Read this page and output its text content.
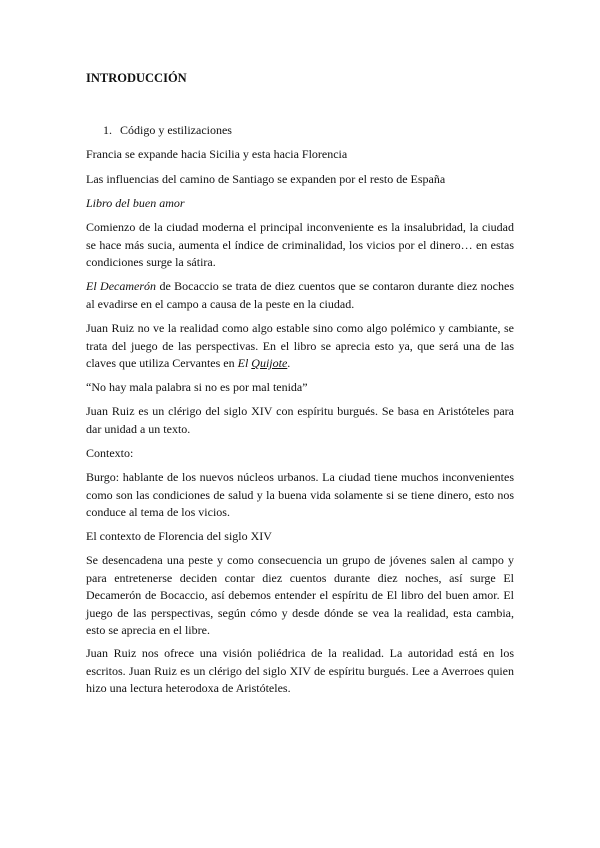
INTRODUCCIÓN
1. Código y estilizaciones
Francia se expande hacia Sicilia y esta hacia Florencia
Las influencias del camino de Santiago se expanden por el resto de España
Libro del buen amor
Comienzo de la ciudad moderna el principal inconveniente es la insalubridad, la ciudad se hace más sucia, aumenta el índice de criminalidad, los vicios por el dinero… en estas condiciones surge la sátira.
El Decamerón de Bocaccio se trata de diez cuentos que se contaron durante diez noches al evadirse en el campo a causa de la peste en la ciudad.
Juan Ruiz no ve la realidad como algo estable sino como algo polémico y cambiante, se trata del juego de las perspectivas. En el libro se aprecia esto ya, que será una de las claves que utiliza Cervantes en El Quijote.
“No hay mala palabra si no es por mal tenida”
Juan Ruiz es un clérigo del siglo XIV con espíritu burgués. Se basa en Aristóteles para dar unidad a un texto.
Contexto:
Burgo: hablante de los nuevos núcleos urbanos. La ciudad tiene muchos inconvenientes como son las condiciones de salud y la buena vida solamente si se tiene dinero, esto nos conduce al tema de los vicios.
El contexto de Florencia del siglo XIV
Se desencadena una peste y como consecuencia un grupo de jóvenes salen al campo y para entretenerse deciden contar diez cuentos durante diez noches, así surge El Decamerón de Bocaccio, así debemos entender el espíritu de El libro del buen amor. El juego de las perspectivas, según cómo y desde dónde se vea la realidad, esta cambia, esto se aprecia en el libre.
Juan Ruiz nos ofrece una visión poliédrica de la realidad. La autoridad está en los escritos. Juan Ruiz es un clérigo del siglo XIV de espíritu burgués. Lee a Averroes quien hizo una lectura heterodoxa de Aristóteles.
